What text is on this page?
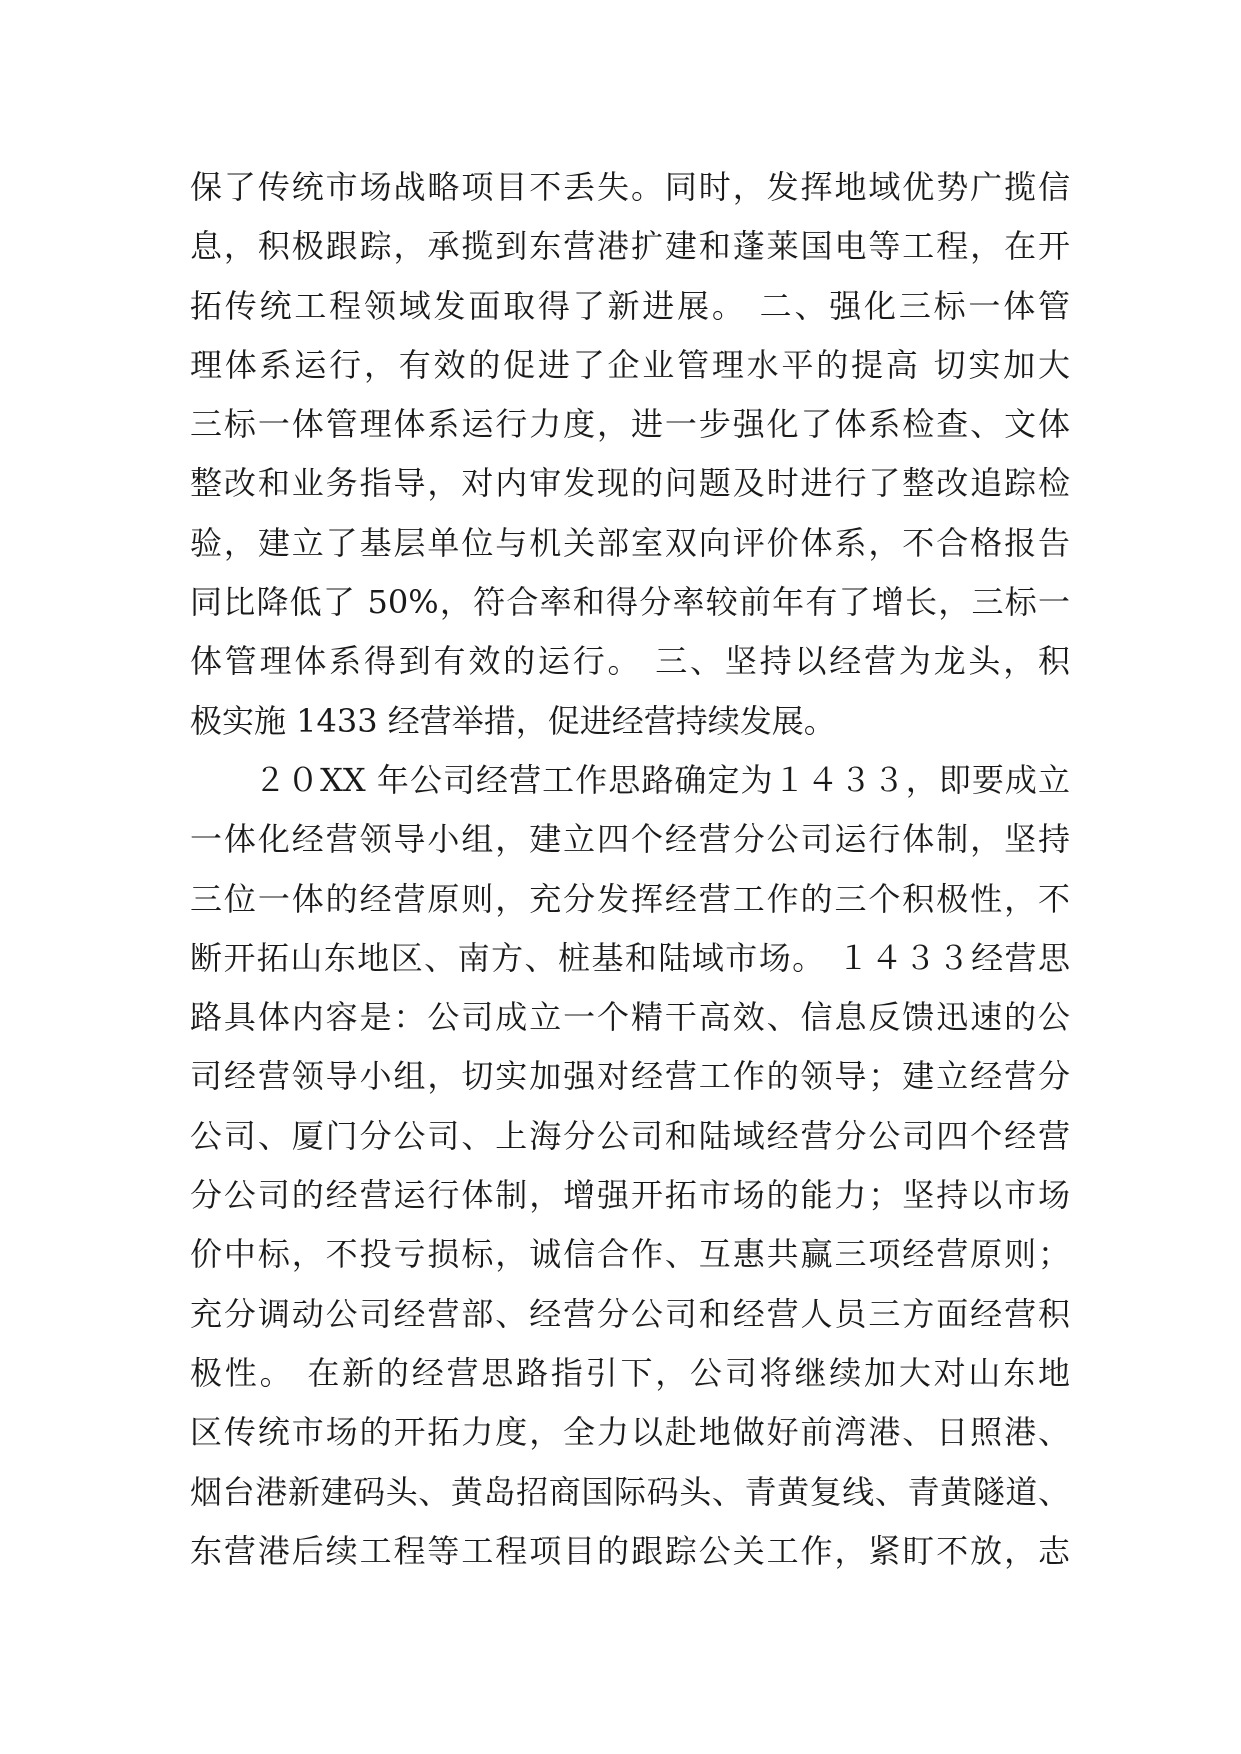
保了传统市场战略项目不丢失。同时，发挥地域优势广揽信
息，积极跟踪，承揽到东营港扩建和蓬莱国电等工程，在开
拓传统工程领域发面取得了新进展。 二、强化三标一体管
理体系运行，有效的促进了企业管理水平的提高 切实加大
三标一体管理体系运行力度，进一步强化了体系检查、文体
整改和业务指导，对内审发现的问题及时进行了整改追踪检
验，建立了基层单位与机关部室双向评价体系，不合格报告
同比降低了 50%，符合率和得分率较前年有了增长，三标一
体管理体系得到有效的运行。 三、坚持以经营为龙头，积
极实施 1433 经营举措，促进经营持续发展。
２０XX 年公司经营工作思路确定为１４３３，即要成立
一体化经营领导小组，建立四个经营分公司运行体制，坚持
三位一体的经营原则，充分发挥经营工作的三个积极性，不
断开拓山东地区、南方、桩基和陆域市场。 １４３３经营思
路具体内容是：公司成立一个精干高效、信息反馈迅速的公
司经营领导小组，切实加强对经营工作的领导；建立经营分
公司、厦门分公司、上海分公司和陆域经营分公司四个经营
分公司的经营运行体制，增强开拓市场的能力；坚持以市场
价中标，不投亏损标，诚信合作、互惠共赢三项经营原则；
充分调动公司经营部、经营分公司和经营人员三方面经营积
极性。 在新的经营思路指引下，公司将继续加大对山东地
区传统市场的开拓力度，全力以赴地做好前湾港、日照港、
烟台港新建码头、黄岛招商国际码头、青黄复线、青黄隧道、
东营港后续工程等工程项目的跟踪公关工作，紧盯不放，志
